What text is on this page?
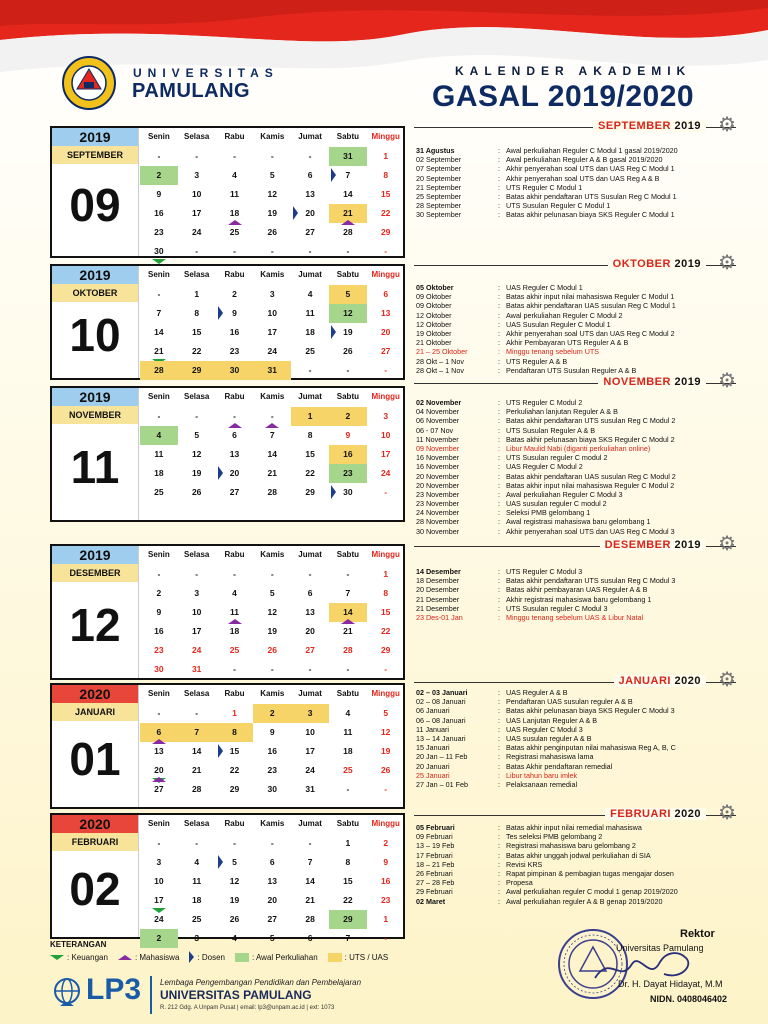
UNIVERSITAS
PAMULANG
KALENDER AKADEMIK
GASAL 2019/2020
2019
SEPTEMBER
09
Senin	Selasa	Rabu	Kamis	Jumat	Sabtu	Minggu
-	-	-	-	-	31	1
2	3	4	5	6	7	8
9	10	11	12	13	14	15
16	17	18	19	20	21	22
23	24	25	26	27	28	29
30	-	-	-	-	-	-
2019
OKTOBER
10
Senin	Selasa	Rabu	Kamis	Jumat	Sabtu	Minggu
-	1	2	3	4	5	6
7	8	9	10	11	12	13
14	15	16	17	18	19	20
21	22	23	24	25	26	27
28	29	30	31	-	-	-
2019
NOVEMBER
11
Senin	Selasa	Rabu	Kamis	Jumat	Sabtu	Minggu
-	-	-	-	1	2	3
4	5	6	7	8	9	10
11	12	13	14	15	16	17
18	19	20	21	22	23	24
25	26	27	28	29	30	-
2019
DESEMBER
12
Senin	Selasa	Rabu	Kamis	Jumat	Sabtu	Minggu
-	-	-	-	-	-	1
2	3	4	5	6	7	8
9	10	11	12	13	14	15
16	17	18	19	20	21	22
23	24	25	26	27	28	29
30	31	-	-	-	-	-
2020
JANUARI
01
Senin	Selasa	Rabu	Kamis	Jumat	Sabtu	Minggu
-	-	1	2	3	4	5
6	7	8	9	10	11	12
13	14	15	16	17	18	19
20	21	22	23	24	25	26
27	28	29	30	31	-	-
2020
FEBRUARI
02
Senin	Selasa	Rabu	Kamis	Jumat	Sabtu	Minggu
-	-	-	-	-	1	2
3	4	5	6	7	8	9
10	11	12	13	14	15	16
17	18	19	20	21	22	23
24	25	26	27	28	29	1
2	3	4	5	6	7	-
SEPTEMBER 2019 ⚙
31 Agustus	: Awal perkuliahan Reguler C Modul 1 gasal 2019/2020
02 September	: Awal perkuliahan Reguler A & B gasal 2019/2020
07 September	: Akhir penyerahan soal UTS dan UAS Reg C Modul 1
20 September	: Akhir penyerahan soal UTS dan UAS Reg A & B
21 September	: UTS Reguler C Modul 1
25 September	: Batas akhir pendaftaran UTS Susulan Reg C Modul 1
28 September	: UTS Susulan Reguler C Modul 1
30 September	: Batas akhir pelunasan biaya SKS Reguler C Modul 1
OKTOBER 2019 ⚙
05 Oktober	: UAS Reguler C Modul 1
09 Oktober	: Batas akhir input nilai mahasiswa Reguler C Modul 1
09 Oktober	: Batas akhir pendaftaran UAS susulan Reg C Modul 1
12 Oktober	: Awal perkuliahan Reguler C Modul 2
12 Oktober	: UAS Susulan Reguler C Modul 1
19 Oktober	: Akhir penyerahan soal UTS dan UAS Reg C Modul 2
21 Oktober	: Akhir Pembayaran UTS Reguler A & B
21 – 25 Oktober	: Minggu tenang sebelum UTS
28 Okt – 1 Nov	: UTS Reguler A & B
28 Okt – 1 Nov	: Pendaftaran UTS Susulan Reguler A & B
NOVEMBER 2019 ⚙
02 November	: UTS Reguler C Modul 2
04 November	: Perkuliahan lanjutan Reguler A & B
06 November	: Batas akhir pendaftaran UTS susulan Reg C Modul 2
06 - 07 Nov	: UTS Susulan Reguler A & B
11 November	: Batas akhir pelunasan biaya SKS Reguler C Modul 2
09 November	: Libur Maulid Nabi (diganti perkuliahan online)
16 November	: UTS Susulan reguler C modul 2
16 November	: UAS Reguler C Modul 2
20 November	: Batas akhir pendaftaran UAS susulan Reg C Modul 2
20 November	: Batas akhir input nilai mahasiswa Reguler C Modul 2
23 November	: Awal perkuliahan Reguler C Modul 3
23 November	: UAS susulan reguler C modul 2
24 November	: Seleksi PMB gelombang 1
28 November	: Awal registrasi mahasiswa baru gelombang 1
30 November	: Akhir penyerahan soal UTS dan UAS Reg C Modul 3
DESEMBER 2019 ⚙
14 Desember	: UTS Reguler C Modul 3
18 Desember	: Batas akhir pendaftaran UTS susulan Reg C Modul 3
20 Desember	: Batas akhir pembayaran UAS Reguler A & B
21 Desember	: Akhir registrasi mahasiswa baru gelombang 1
21 Desember	: UTS Susulan reguler C Modul 3
23 Des-01 Jan	: Minggu tenang sebelum UAS & Libur Natal
JANUARI 2020 ⚙
02 – 03 Januari	: UAS Reguler A & B
02 – 08 Januari	: Pendaftaran UAS susulan reguler A & B
06 Januari	: Batas akhir pelunasan biaya SKS Reguler C Modul 3
06 – 08 Januari	: UAS Lanjutan Reguler A & B
11 Januari	: UAS Reguler C Modul 3
13 – 14 Januari	: UAS susulan reguler A & B
15 Januari	: Batas akhir penginputan nilai mahasiswa Reg A, B, C
20 Jan – 11 Feb	: Registrasi mahasiswa lama
20 Januari	: Batas Akhir pendaftaran remedial
25 Januari	: Libur tahun baru imlek
27 Jan – 01 Feb	: Pelaksanaan remedial
FEBRUARI 2020 ⚙
05 Februari	: Batas akhir input nilai remedial mahasiswa
09 Februari	: Tes seleksi PMB gelombang 2
13 – 19 Feb	: Registrasi mahasiswa baru gelombang 2
17 Februari	: Batas akhir unggah jodwal perkuliahan di SIA
18 – 21 Feb	: Revisi KRS
26 Februari	: Rapat pimpinan & pembagian tugas mengajar dosen
27 – 28 Feb	: Propesa
29 Februari	: Awal perkuliahan reguler C modul 1 genap 2019/2020
02 Maret	: Awal perkuliahan reguler A & B genap 2019/2020
KETERANGAN
: Keuangan	: Mahasiswa : Dosen	: Awal Perkuliahan	: UTS / UAS
LP3 Lembaga Pengembangan Pendidikan dan Pembelajaran
UNIVERSITAS PAMULANG
R. 212 Gdg. A Unpam Pusat | email: lp3@unpam.ac.id | ext: 1073
Rektor
Universitas Pamulang
Dr. H. Dayat Hidayat, M.M
NIDN. 0408046402
